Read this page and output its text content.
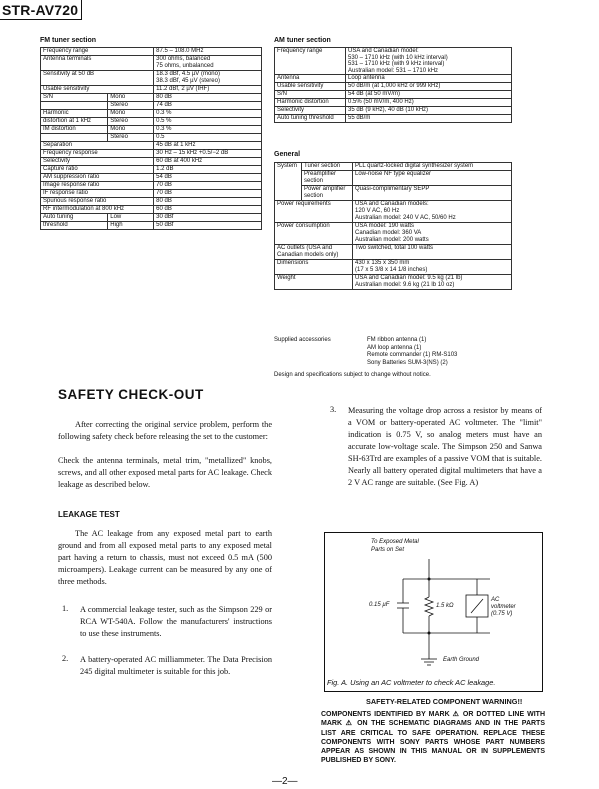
STR-AV720
FM tuner section
Frequency range		87.5 – 108.0 MHz
Antenna terminals		300 ohms, balanced
75 ohms, unbalanced
Sensitivity at 50 dB		18.3 dBf, 4.5 µV (mono)
38.3 dBf, 45 µV (stereo)
Usable sensitivity		11.2 dBf, 2 µV (IHF)
S/N	Mono	80 dB
	Stereo	74 dB
Harmonic	Mono	0.3 %
distortion at 1 kHz	Stereo	0.5 %
IM distortion	Mono	0.3 %
	Stereo	0.5
Separation		45 dB at 1 kHz
Frequency response		30 Hz – 15 kHz +0.5/−2 dB
Selectivity		60 dB at 400 kHz
Capture ratio		1.2 dB
AM suppression ratio		54 dB
Image response ratio		70 dB
IF response ratio		70 dB
Spurious response ratio		80 dB
RF intermodulation at 800 kHz		60 dB
Auto tuning	Low	30 dBf
threshold	High	50 dBf
AM tuner section
Frequency range	USA and Canadian model:
530 – 1710 kHz (with 10 kHz interval)
531 – 1710 kHz (with 9 kHz interval)
Australian model: 531 – 1710 kHz
Antenna	Loop antenna
Usable sensitivity	50 dB/m (at 1,000 kHz or 999 kHz)
S/N	54 dB (at 50 mV/m)
Harmonic distortion	0.5% (50 mV/m, 400 Hz)
Selectivity	35 dB (9 kHz), 40 dB (10 kHz)
Auto tuning threshold	55 dB/m
General
System	Tuner section	PLL quartz-locked digital synthesizer system
	Preamplifier section	Low-noise NF type equalizer
	Power amplifier section	Quasi-complimentary SEPP
Power requirements		USA and Canadian models:
120 V AC, 60 Hz
Australian model: 240 V AC, 50/60 Hz
Power consumption		USA model: 190 watts
Canadian model: 360 VA
Australian model: 200 watts
AC outlets (USA and Canadian models only)		Two switched, total 100 watts
Dimensions		430 x 135 x 350 mm
(17 x 5 3/8 x 14 1/8 inches)
Weight		USA and Canadian model: 9.5 kg (21 lb)
Australian model: 9.6 kg (21 lb 10 oz)
Supplied accessories	FM ribbon antenna (1)
AM loop antenna (1)
Remote commander (1) RM-S103
Sony Batteries SUM-3(NS) (2)
Design and specifications subject to change without notice.
SAFETY CHECK-OUT
After correcting the original service problem, perform the following safety check before releasing the set to the customer:
Check the antenna terminals, metal trim, "metallized" knobs, screws, and all other exposed metal parts for AC leakage. Check leakage as described below.
LEAKAGE TEST
The AC leakage from any exposed metal part to earth ground and from all exposed metal parts to any exposed metal part having a return to chassis, must not exceed 0.5 mA (500 microampers). Leakage current can be measured by any one of three methods.
1. A commercial leakage tester, such as the Simpson 229 or RCA WT-540A. Follow the manufacturers' instructions to use these instruments.
2. A battery-operated AC milliammeter. The Data Precision 245 digital multimeter is suitable for this job.
3. Measuring the voltage drop across a resistor by means of a VOM or battery-operated AC voltmeter. The "limit" indication is 0.75 V, so analog meters must have an accurate low-voltage scale. The Simpson 250 and Sanwa SH-63Trd are examples of a passive VOM that is suitable. Nearly all battery operated digital multimeters that have a 2 V AC range are suitable. (See Fig. A)
To Exposed Metal
Parts on Set
0.15 µF	1.5 kΩ
AC
voltmeter
(0.75 V)
Earth Ground
Fig. A. Using an AC voltmeter to check AC leakage.
SAFETY-RELATED COMPONENT WARNING!!
COMPONENTS IDENTIFIED BY MARK ⚠ OR DOTTED LINE WITH MARK ⚠ ON THE SCHEMATIC DIAGRAMS AND IN THE PARTS LIST ARE CRITICAL TO SAFE OPERATION. REPLACE THESE COMPONENTS WITH SONY PARTS WHOSE PART NUMBERS APPEAR AS SHOWN IN THIS MANUAL OR IN SUPPLEMENTS PUBLISHED BY SONY.
—2—
